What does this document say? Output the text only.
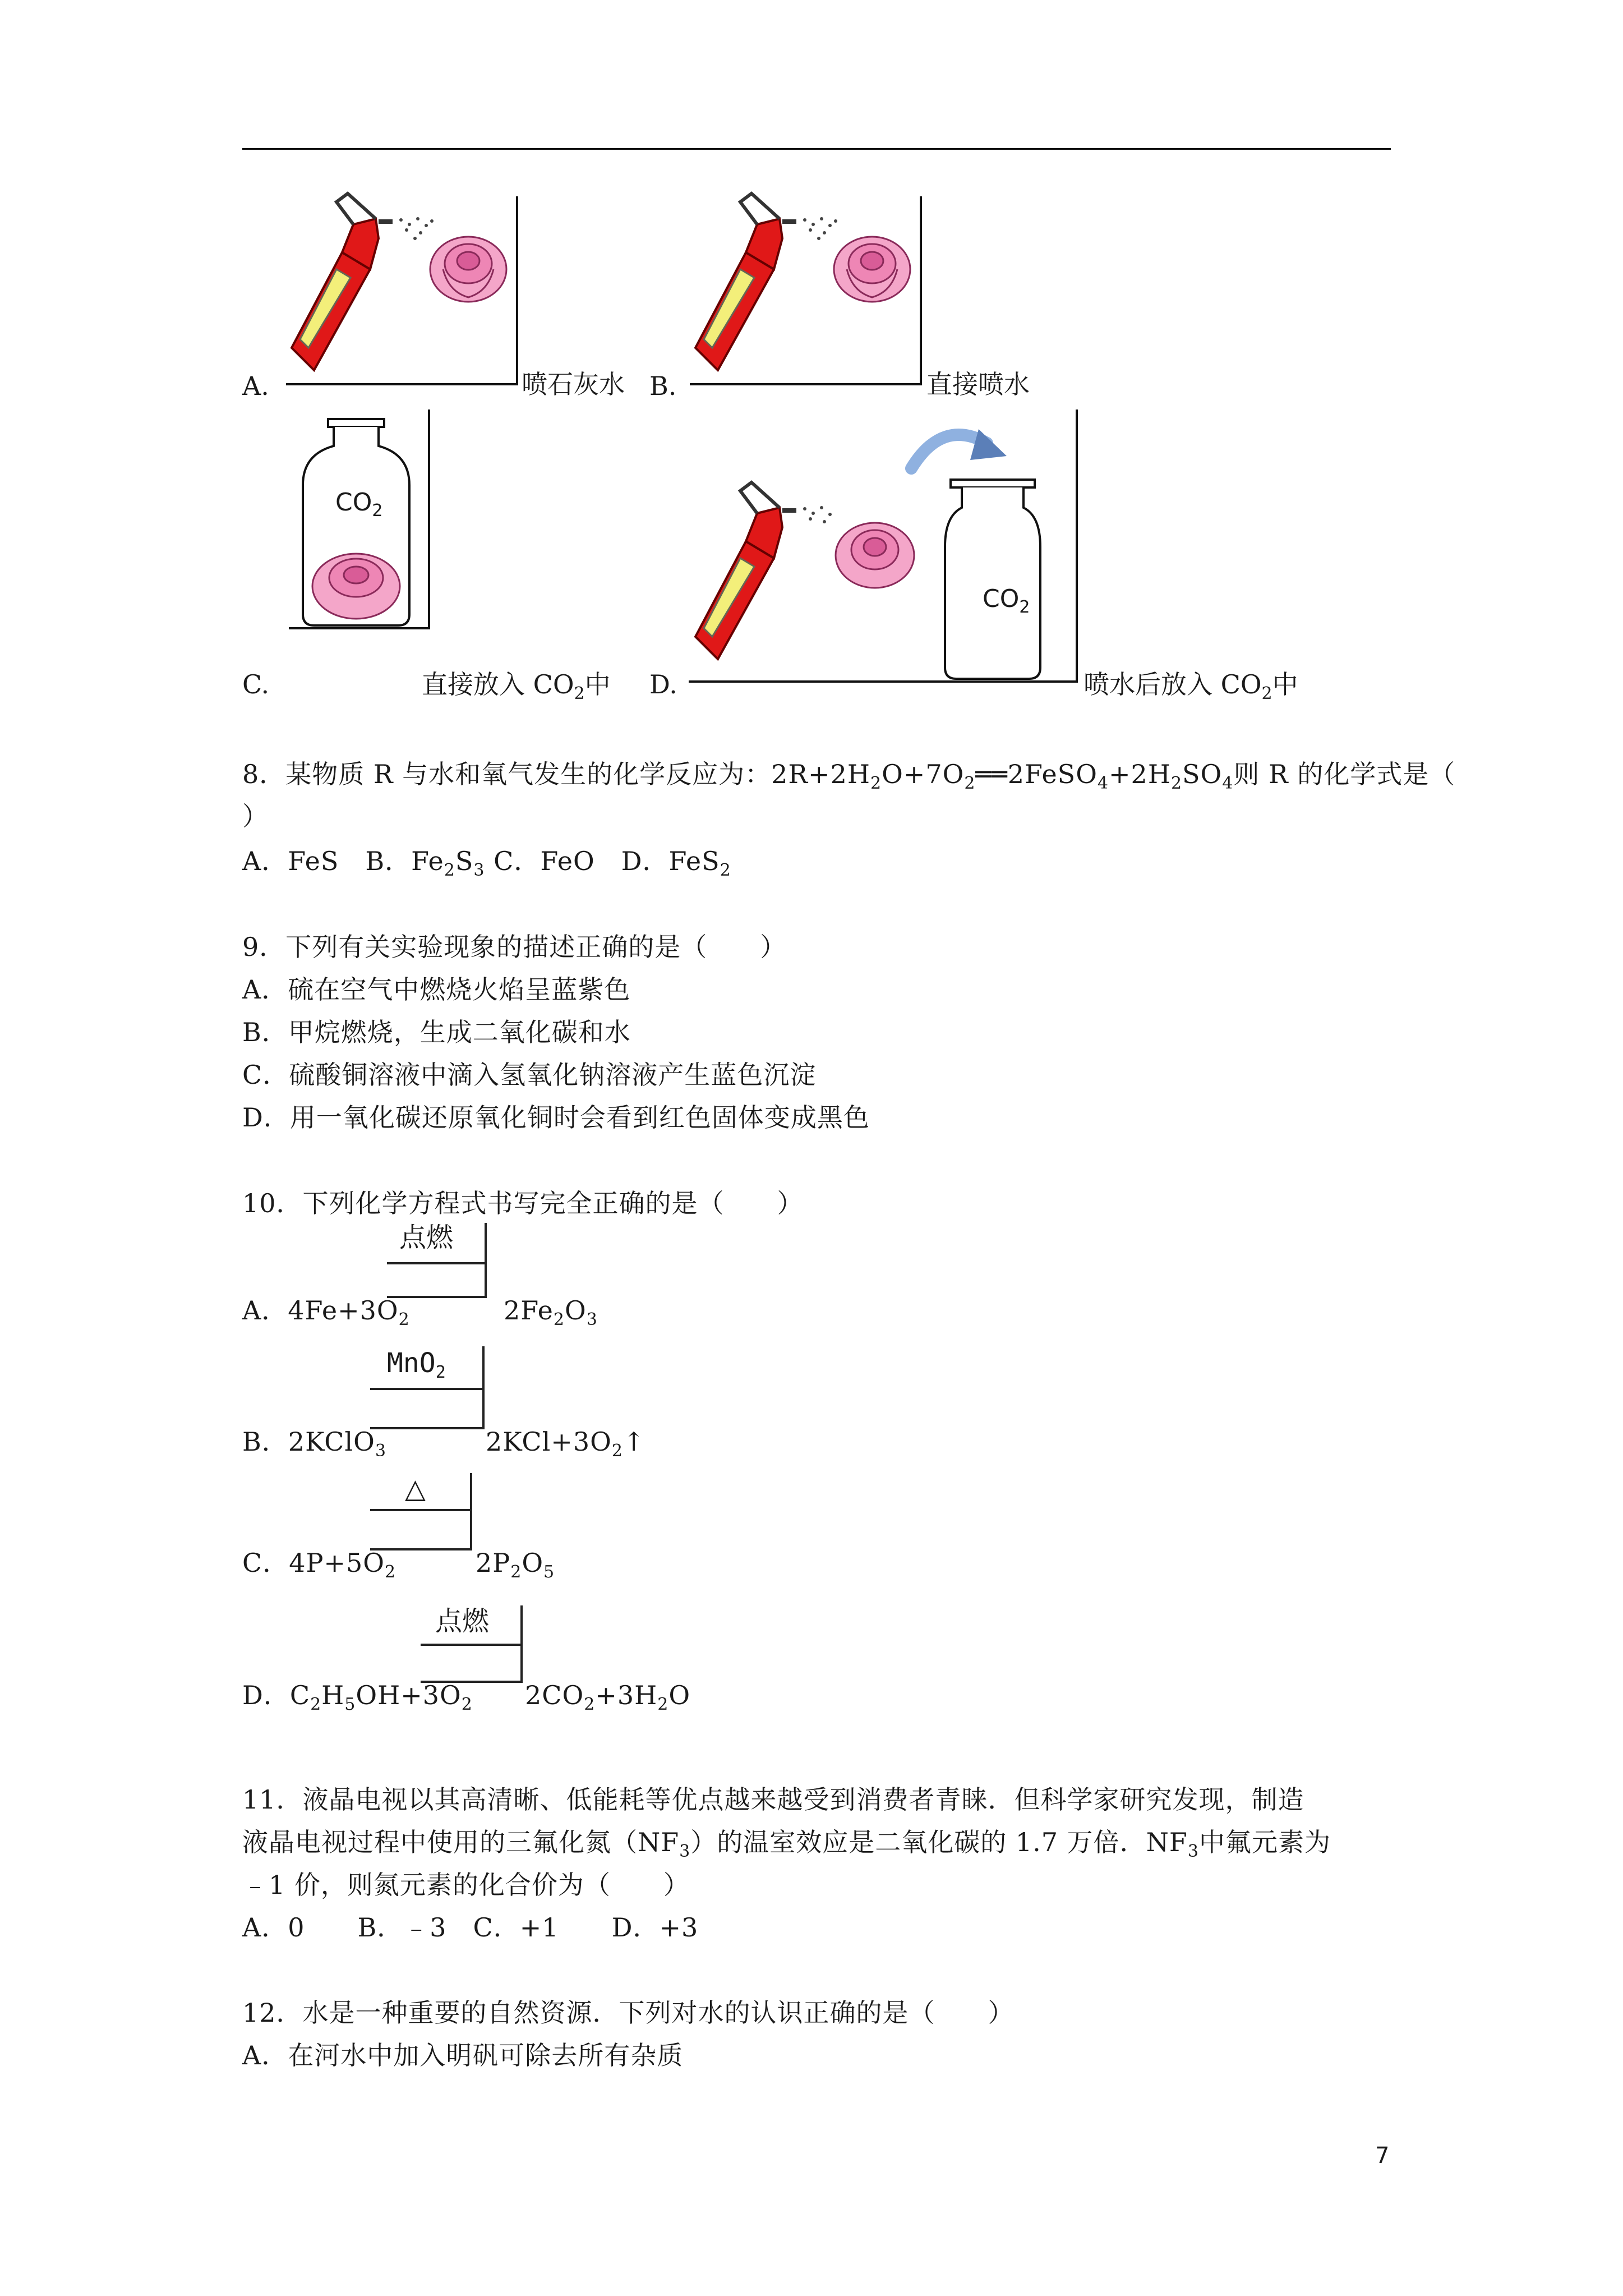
A.	喷石灰水 B.	直接喷水
$CO_2$
C.	直接放入 $CO_2$中
$CO_2$
D.	喷水后放入 $CO_2$中
8．某物质 R 与水和氧气发生的化学反应为：$2R+2H_2O+7O_2══2FeSO_4+2H_2SO_4$则 R 的化学式是（
）
A．FeS　B．$Fe_2S_3$ C．FeO　D．FeS$_2$
9．下列有关实验现象的描述正确的是（　　）
A．硫在空气中燃烧火焰呈蓝紫色
B．甲烷燃烧，生成二氧化碳和水
C．硫酸铜溶液中滴入氢氧化钠溶液产生蓝色沉淀
D．用一氧化碳还原氧化铜时会看到红色固体变成黑色
10．下列化学方程式书写完全正确的是（　　）
点燃
A．$4Fe+3O_2$	$2Fe_2O_3$
MnO$_2$
B．2KClO$_3$	$2KCl+3O_2↑$
△
C．$4P+5O_2$	$2P_2O_5$
点燃
D．$C_2H_5OH+3O_2$ $2CO_2+3H_2O$
11．液晶电视以其高清晰、低能耗等优点越来越受到消费者青睐．但科学家研究发现，制造
液晶电视过程中使用的三氟化氮$(NF_3)$的温室效应是二氧化碳的 1.7 万倍．$NF_3$中氟元素为
﹣1 价，则氮元素的化合价为（　　）
A．0　　B．﹣3　C．+1　　D．+3
12．水是一种重要的自然资源．下列对水的认识正确的是（　　）
A．在河水中加入明矾可除去所有杂质
7
